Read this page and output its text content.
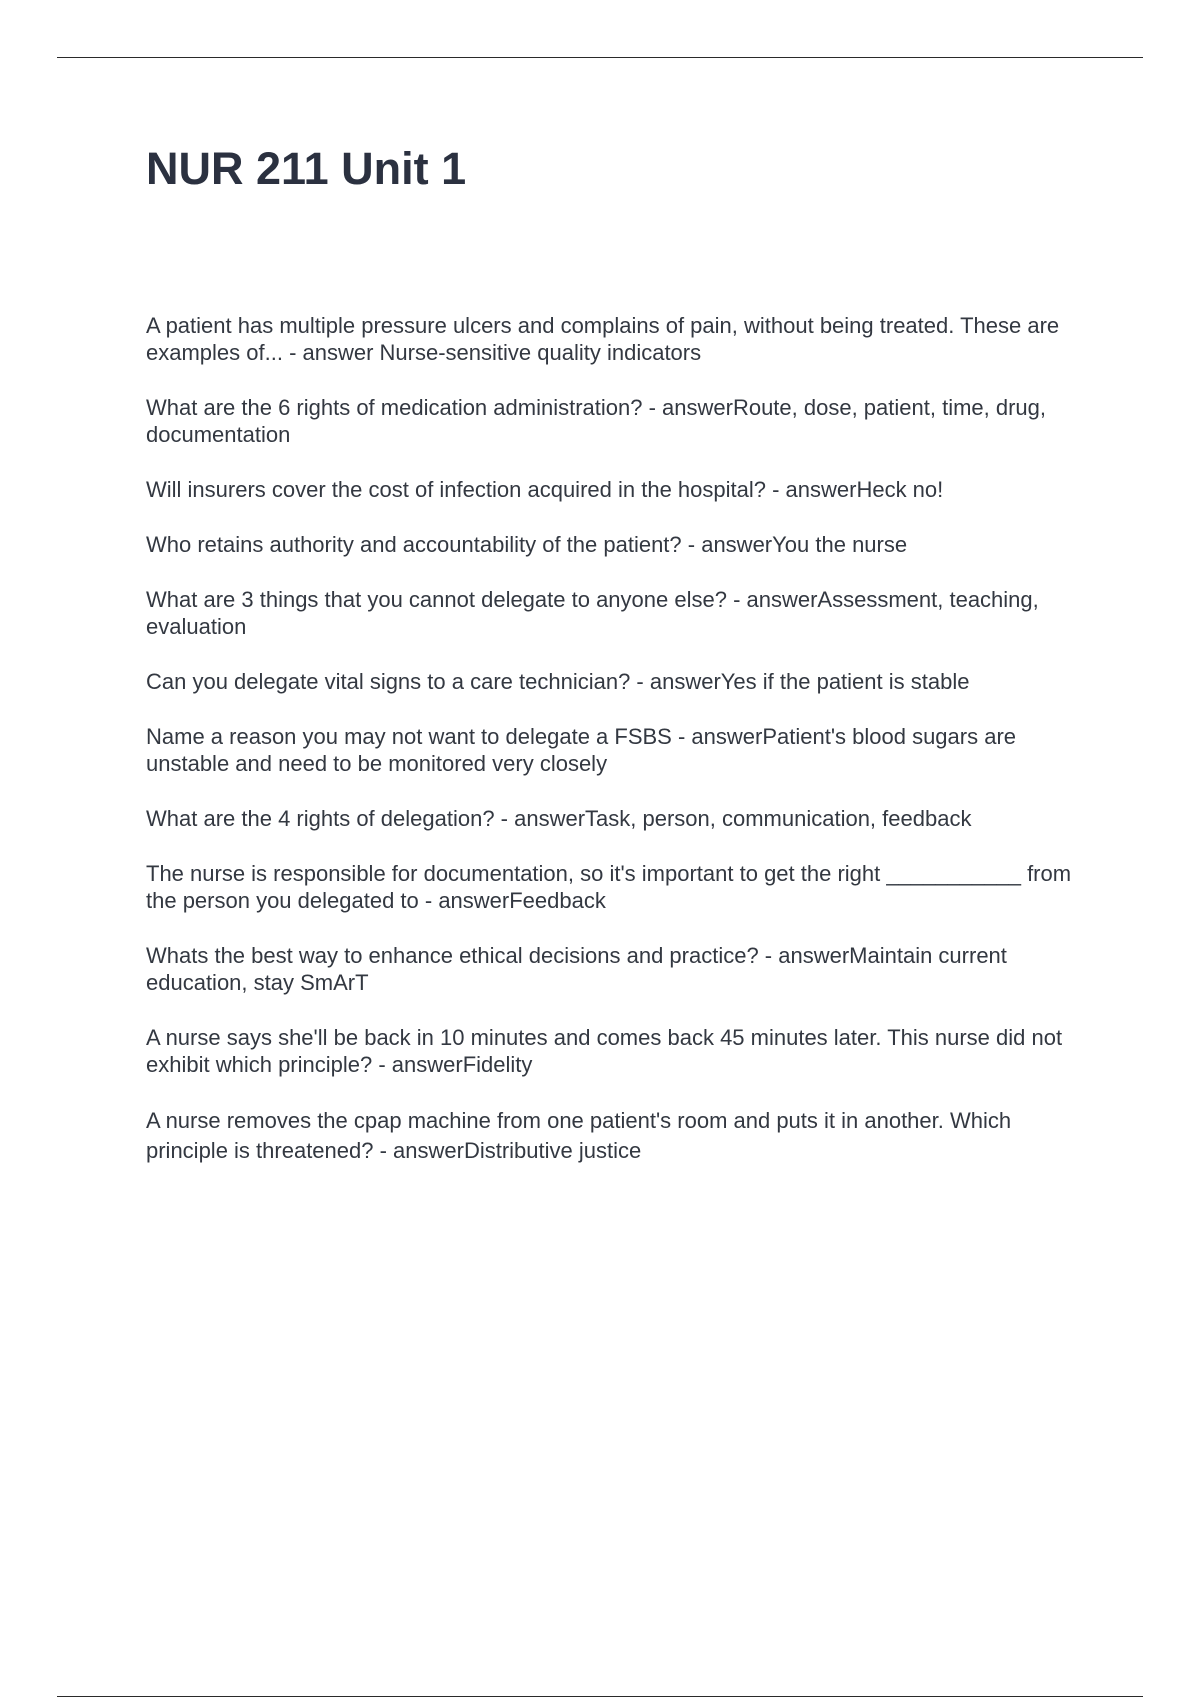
NUR 211 Unit 1
A patient has multiple pressure ulcers and complains of pain, without being treated. These are examples of... - answer Nurse-sensitive quality indicators
What are the 6 rights of medication administration? - answerRoute, dose, patient, time, drug, documentation
Will insurers cover the cost of infection acquired in the hospital? - answerHeck no!
Who retains authority and accountability of the patient? - answerYou the nurse
What are 3 things that you cannot delegate to anyone else? - answerAssessment, teaching, evaluation
Can you delegate vital signs to a care technician? - answerYes if the patient is stable
Name a reason you may not want to delegate a FSBS - answerPatient's blood sugars are unstable and need to be monitored very closely
What are the 4 rights of delegation? - answerTask, person, communication, feedback
The nurse is responsible for documentation, so it's important to get the right ___________ from the person you delegated to - answerFeedback
Whats the best way to enhance ethical decisions and practice? - answerMaintain current education, stay SmArT
A nurse says she'll be back in 10 minutes and comes back 45 minutes later. This nurse did not exhibit which principle? - answerFidelity
A nurse removes the cpap machine from one patient's room and puts it in another. Which principle is threatened? - answerDistributive justice
